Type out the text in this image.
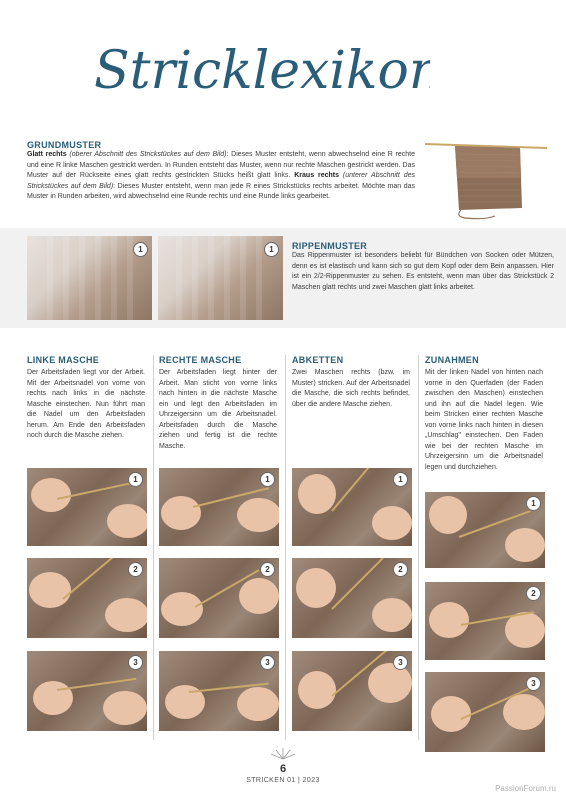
Stricklexikon
GRUNDMUSTER
Glatt rechts (oberer Abschnitt des Strickstückes auf dem Bild): Dieses Muster entsteht, wenn abwechselnd eine R rechte und eine R linke Maschen gestrickt werden. In Runden entsteht das Muster, wenn nur rechte Maschen gestrickt werden. Das Muster auf der Rückseite eines glatt rechts gestrickten Stücks heißt glatt links. Kraus rechts (unterer Abschnitt des Strickstückes auf dem Bild): Dieses Muster entsteht, wenn man jede R eines Strickstücks rechts arbeitet. Möchte man das Muster in Runden arbeiten, wird abwechselnd eine Runde rechts und eine Runde links gearbeitet.
1	1	RIPPENMUSTER
Das Rippenmuster ist besonders beliebt für Bündchen von Socken oder Mützen, denn es ist elastisch und kann sich so gut dem Kopf oder dem Bein anpassen. Hier ist ein 2/2-Rippenmuster zu sehen. Es entsteht, wenn man über das Strickstück 2 Maschen glatt rechts und zwei Maschen glatt links arbeitet.
LINKE MASCHE
Der Arbeitsfaden liegt vor der Arbeit. Mit der Arbeitsnadel von vorne von rechts nach links in die nächste Masche einstechen. Nun führt man die Nadel um den Arbeitsfaden herum. Am Ende den Arbeitsfaden noch durch die Masche ziehen.
1
2
3
RECHTE MASCHE
Der Arbeitsfaden liegt hinter der Arbeit. Man sticht von vorne links nach hinten in die nächste Masche ein und legt den Arbeitsfaden im Uhrzeigersinn um die Arbeitsnadel. Arbeitsfaden durch die Masche ziehen und fertig ist die rechte Masche.
1
2
3
ABKETTEN
Zwei Maschen rechts (bzw. im Muster) stricken. Auf der Arbeitsnadel die Masche, die sich rechts befindet, über die andere Masche ziehen.
1
2
3
ZUNAHMEN
Mit der linken Nadel von hinten nach vorne in den Querfaden (der Faden zwischen den Maschen) einstechen und ihn auf die Nadel legen. Wie beim Stricken einer rechten Masche von vorne links nach hinten in diesen „Umschlag" einstechen. Den Faden wie bei der rechten Masche im Uhrzeigersinn um die Arbeitsnadel legen und durchziehen.
1
2
3
6
STRICKEN 01 | 2023
PassionForum.ru
